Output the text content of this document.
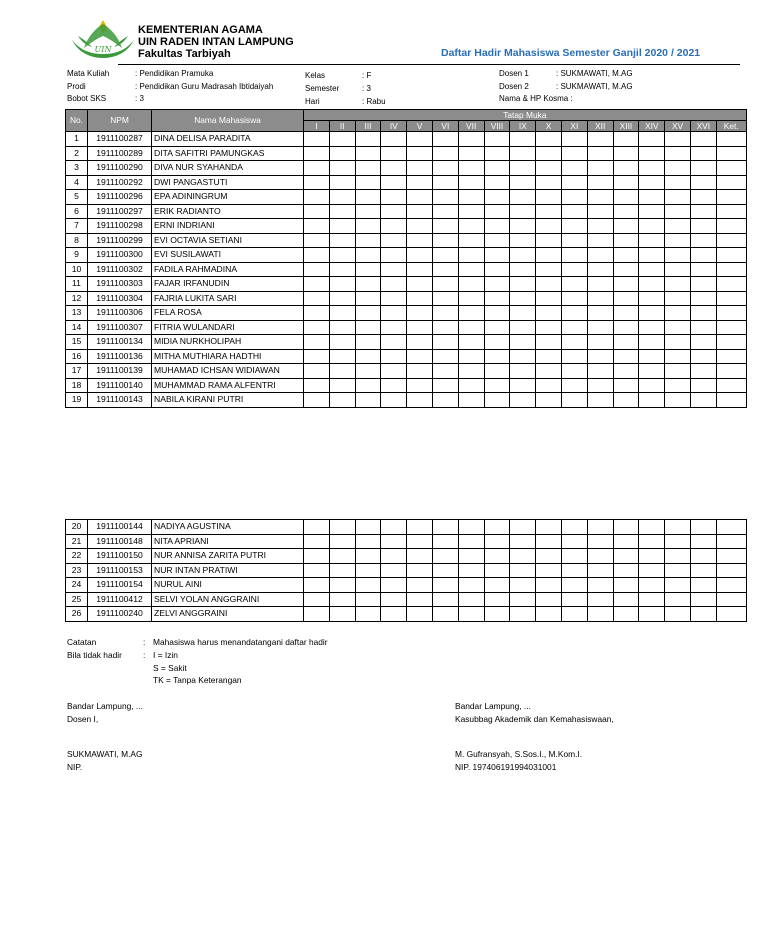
UIN
KEMENTERIAN AGAMA
UIN RADEN INTAN LAMPUNG
Fakultas Tarbiyah	Daftar Hadir Mahasiswa Semester Ganjil 2020 / 2021
Mata Kuliah	: Pendidikan Pramuka
Prodi	: Pendidikan Guru Madrasah Ibtidaiyah
Bobot SKS	: 3
Kelas	: F
Semester	: 3
Hari	: Rabu
Dosen 1	: SUKMAWATI, M.AG
Dosen 2	: SUKMAWATI, M.AG
Nama & HP Kosma :
No.	NPM	Nama Mahasiswa	Tatap Muka																
			I	II	III	IV	V	VI	VII	VIII	IX	X	XI	XII	XIII	XIV	XV	XVI	Ket.
1	1911100287	DINA DELISA PARADITA																	
2	1911100289	DITA SAFITRI PAMUNGKAS																	
3	1911100290	DIVA NUR SYAHANDA																	
4	1911100292	DWI PANGASTUTI																	
5	1911100296	EPA ADININGRUM																	
6	1911100297	ERIK RADIANTO																	
7	1911100298	ERNI INDRIANI																	
8	1911100299	EVI OCTAVIA SETIANI																	
9	1911100300	EVI SUSILAWATI																	
10	1911100302	FADILA RAHMADINA																	
11	1911100303	FAJAR IRFANUDIN																	
12	1911100304	FAJRIA LUKITA SARI																	
13	1911100306	FELA ROSA																	
14	1911100307	FITRIA WULANDARI																	
15	1911100134	MIDIA NURKHOLIPAH																	
16	1911100136	MITHA MUTHIARA HADTHI																	
17	1911100139	MUHAMAD ICHSAN WIDIAWAN																	
18	1911100140	MUHAMMAD RAMA ALFENTRI																	
19	1911100143	NABILA KIRANI PUTRI																	
20	1911100144	NADIYA AGUSTINA																	
21	1911100148	NITA APRIANI																	
22	1911100150	NUR ANNISA ZARITA PUTRI																	
23	1911100153	NUR INTAN PRATIWI																	
24	1911100154	NURUL AINI																	
25	1911100412	SELVI YOLAN ANGGRAINI																	
26	1911100240	ZELVI ANGGRAINI																	
Catatan	: Mahasiswa harus menandatangani daftar hadir
Bila tidak hadir	: I = Izin
S = Sakit
TK = Tanpa Keterangan
Bandar Lampung, ...
Dosen I,
SUKMAWATI, M.AG
NIP.
Bandar Lampung, ...
Kasubbag Akademik dan Kemahasiswaan,
M. Gufransyah, S.Sos.I., M.Kom.I.
NIP. 197406191994031001
